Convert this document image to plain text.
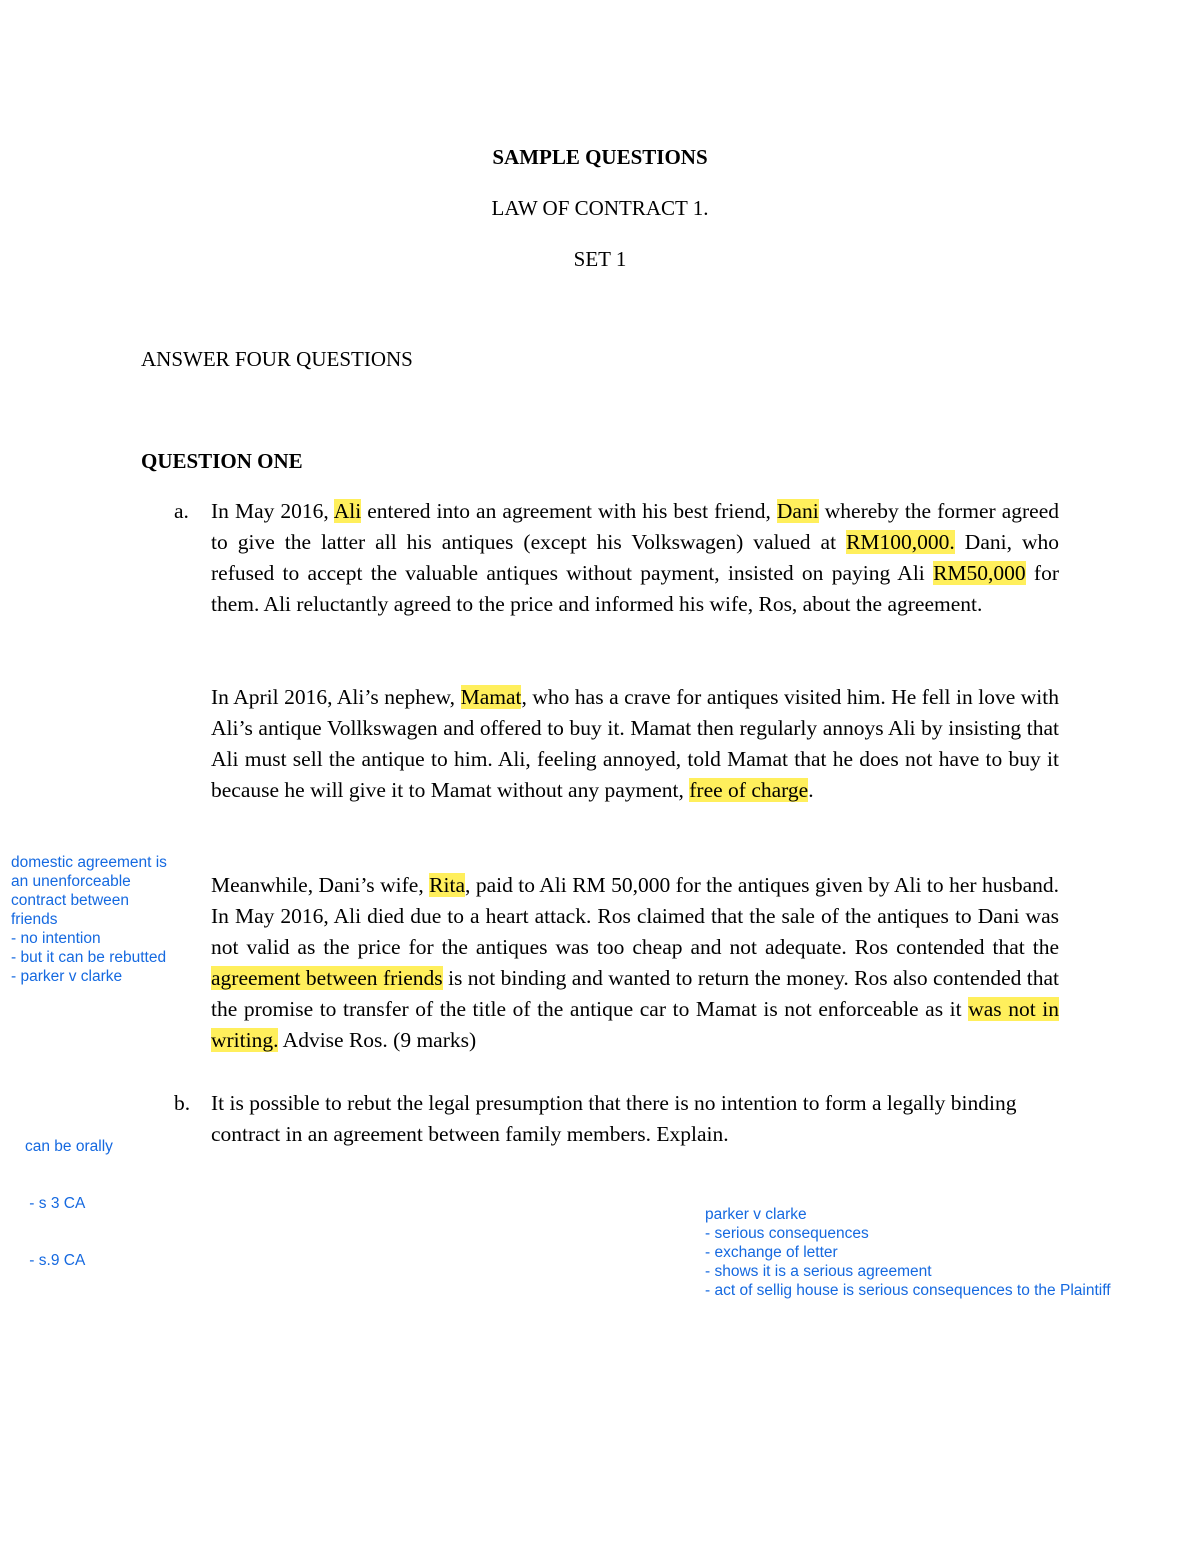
SAMPLE QUESTIONS
LAW OF CONTRACT 1.
SET 1
ANSWER FOUR QUESTIONS
QUESTION ONE
a. In May 2016, Ali entered into an agreement with his best friend, Dani whereby the former agreed to give the latter all his antiques (except his Volkswagen) valued at RM100,000. Dani, who refused to accept the valuable antiques without payment, insisted on paying Ali RM50,000 for them. Ali reluctantly agreed to the price and informed his wife, Ros, about the agreement.
In April 2016, Ali’s nephew, Mamat, who has a crave for antiques visited him. He fell in love with Ali’s antique Vollkswagen and offered to buy it. Mamat then regularly annoys Ali by insisting that Ali must sell the antique to him. Ali, feeling annoyed, told Mamat that he does not have to buy it because he will give it to Mamat without any payment, free of charge.
Meanwhile, Dani’s wife, Rita, paid to Ali RM 50,000 for the antiques given by Ali to her husband. In May 2016, Ali died due to a heart attack. Ros claimed that the sale of the antiques to Dani was not valid as the price for the antiques was too cheap and not adequate. Ros contended that the agreement between friends is not binding and wanted to return the money. Ros also contended that the promise to transfer of the title of the antique car to Mamat is not enforceable as it was not in writing. Advise Ros. (9 marks)
b. It is possible to rebut the legal presumption that there is no intention to form a legally binding contract in an agreement between family members. Explain.
domestic agreement is
an unenforceable
contract between
friends
- no intention
- but it can be rebutted
- parker v clarke

can be orally

- s 3 CA

- s.9 CA

parker v clarke
- serious consequences
- exchange of letter
- shows it is a serious agreement
- act of sellig house is serious consequences to the Plaintiff
